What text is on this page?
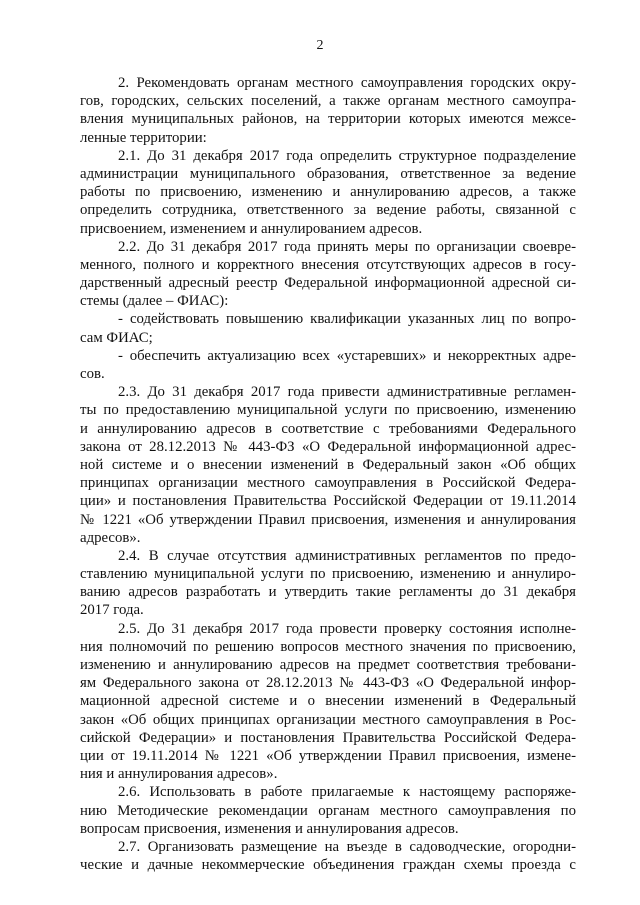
2
2. Рекомендовать органам местного самоуправления городских окру-
гов, городских, сельских поселений, а также органам местного самоупра-
вления муниципальных районов, на территории которых имеются межсе-
ленные территории:
2.1. До 31 декабря 2017 года определить структурное подразделение
администрации муниципального образования, ответственное за ведение
работы по присвоению, изменению и аннулированию адресов, а также
определить сотрудника, ответственного за ведение работы, связанной с
присвоением, изменением и аннулированием адресов.
2.2. До 31 декабря 2017 года принять меры по организации своевре-
менного, полного и корректного внесения отсутствующих адресов в госу-
дарственный адресный реестр Федеральной информационной адресной си-
стемы (далее – ФИАС):
- содействовать повышению квалификации указанных лиц по вопро-
сам ФИАС;
- обеспечить актуализацию всех «устаревших» и некорректных адре-
сов.
2.3. До 31 декабря 2017 года привести административные регламен-
ты по предоставлению муниципальной услуги по присвоению, изменению
и аннулированию адресов в соответствие с требованиями Федерального
закона от 28.12.2013 № 443-ФЗ «О Федеральной информационной адрес-
ной системе и о внесении изменений в Федеральный закон «Об общих
принципах организации местного самоуправления в Российской Федера-
ции» и постановления Правительства Российской Федерации от 19.11.2014
№ 1221 «Об утверждении Правил присвоения, изменения и аннулирования
адресов».
2.4. В случае отсутствия административных регламентов по предо-
ставлению муниципальной услуги по присвоению, изменению и аннулиро-
ванию адресов разработать и утвердить такие регламенты до 31 декабря
2017 года.
2.5. До 31 декабря 2017 года провести проверку состояния исполне-
ния полномочий по решению вопросов местного значения по присвоению,
изменению и аннулированию адресов на предмет соответствия требовани-
ям Федерального закона от 28.12.2013 № 443-ФЗ «О Федеральной инфор-
мационной адресной системе и о внесении изменений в Федеральный
закон «Об общих принципах организации местного самоуправления в Рос-
сийской Федерации» и постановления Правительства Российской Федера-
ции от 19.11.2014 № 1221 «Об утверждении Правил присвоения, измене-
ния и аннулирования адресов».
2.6. Использовать в работе прилагаемые к настоящему распоряже-
нию Методические рекомендации органам местного самоуправления по
вопросам присвоения, изменения и аннулирования адресов.
2.7. Организовать размещение на въезде в садоводческие, огородни-
ческие и дачные некоммерческие объединения граждан схемы проезда с
